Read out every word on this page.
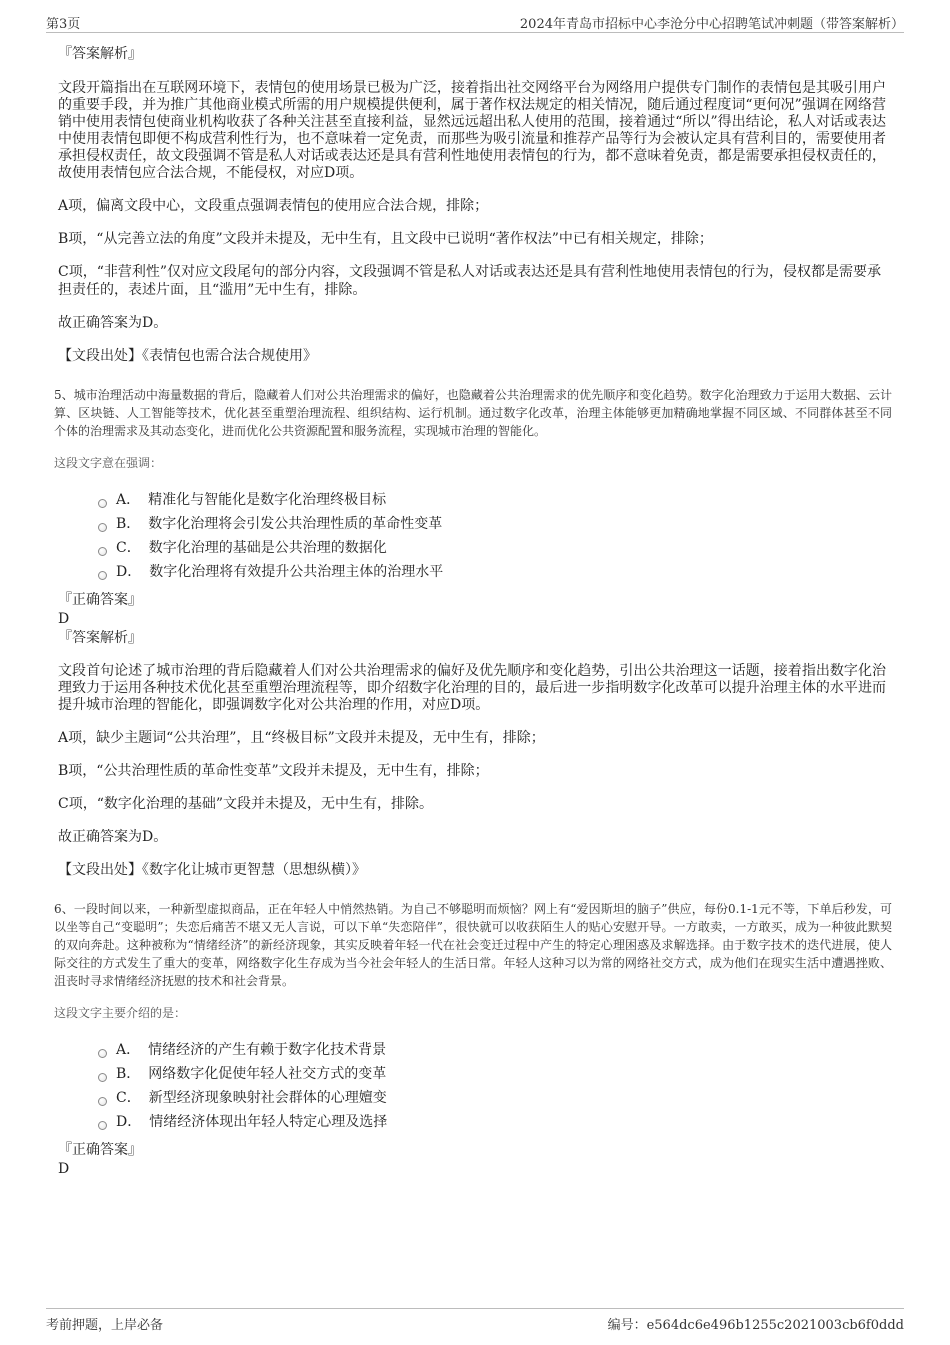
第3页	2024年青岛市招标中心李沧分中心招聘笔试冲刺题（带答案解析）
『答案解析』
文段开篇指出在互联网环境下，表情包的使用场景已极为广泛，接着指出社交网络平台为网络用户提供专门制作的表情包是其吸引用户的重要手段，并为推广其他商业模式所需的用户规模提供便利，属于著作权法规定的相关情况，随后通过程度词“更何况”强调在网络营销中使用表情包使商业机构收获了各种关注甚至直接利益，显然远远超出私人使用的范围，接着通过“所以”得出结论，私人对话或表达中使用表情包即便不构成营利性行为，也不意味着一定免责，而那些为吸引流量和推荐产品等行为会被认定具有营利目的，需要使用者承担侵权责任，故文段强调不管是私人对话或表达还是具有营利性地使用表情包的行为，都不意味着免责，都是需要承担侵权责任的，故使用表情包应合法合规，不能侵权，对应D项。
A项，偏离文段中心，文段重点强调表情包的使用应合法合规，排除；
B项，“从完善立法的角度”文段并未提及，无中生有，且文段中已说明“著作权法”中已有相关规定，排除；
C项，“非营利性”仅对应文段尾句的部分内容，文段强调不管是私人对话或表达还是具有营利性地使用表情包的行为，侵权都是需要承担责任的，表述片面，且“滥用”无中生有，排除。
故正确答案为D。
【文段出处】《表情包也需合法合规使用》
5、城市治理活动中海量数据的背后，隐藏着人们对公共治理需求的偏好，也隐藏着公共治理需求的优先顺序和变化趋势。数字化治理致力于运用大数据、云计算、区块链、人工智能等技术，优化甚至重塑治理流程、组织结构、运行机制。通过数字化改革，治理主体能够更加精确地掌握不同区域、不同群体甚至不同个体的治理需求及其动态变化，进而优化公共资源配置和服务流程，实现城市治理的智能化。
这段文字意在强调：
A． 精准化与智能化是数字化治理终极目标
B． 数字化治理将会引发公共治理性质的革命性变革
C． 数字化治理的基础是公共治理的数据化
D． 数字化治理将有效提升公共治理主体的治理水平
『正确答案』
D
『答案解析』
文段首句论述了城市治理的背后隐藏着人们对公共治理需求的偏好及优先顺序和变化趋势，引出公共治理这一话题，接着指出数字化治理致力于运用各种技术优化甚至重塑治理流程等，即介绍数字化治理的目的，最后进一步指明数字化改革可以提升治理主体的水平进而提升城市治理的智能化，即强调数字化对公共治理的作用，对应D项。
A项，缺少主题词“公共治理”，且“终极目标”文段并未提及，无中生有，排除；
B项，“公共治理性质的革命性变革”文段并未提及，无中生有，排除；
C项，“数字化治理的基础”文段并未提及，无中生有，排除。
故正确答案为D。
【文段出处】《数字化让城市更智慧（思想纵横）》
6、一段时间以来，一种新型虚拟商品，正在年轻人中悄然热销。为自己不够聪明而烦恼？网上有“爱因斯坦的脑子”供应，每份0.1-1元不等，下单后秒发，可以坐等自己“变聪明”；失恋后痛苦不堪又无人言说，可以下单“失恋陪伴”，很快就可以收获陌生人的贴心安慰开导。一方敢卖，一方敢买，成为一种彼此默契的双向奔赴。这种被称为“情绪经济”的新经济现象，其实反映着年轻一代在社会变迁过程中产生的特定心理困惑及求解选择。由于数字技术的迭代进展，使人际交往的方式发生了重大的变革，网络数字化生存成为当今社会年轻人的生活日常。年轻人这种习以为常的网络社交方式，成为他们在现实生活中遭遇挫败、沮丧时寻求情绪经济抚慰的技术和社会背景。
这段文字主要介绍的是：
A． 情绪经济的产生有赖于数字化技术背景
B． 网络数字化促使年轻人社交方式的变革
C． 新型经济现象映射社会群体的心理嬗变
D． 情绪经济体现出年轻人特定心理及选择
『正确答案』
D
考前押题，上岸必备	编号：e564dc6e496b1255c2021003cb6f0ddd
